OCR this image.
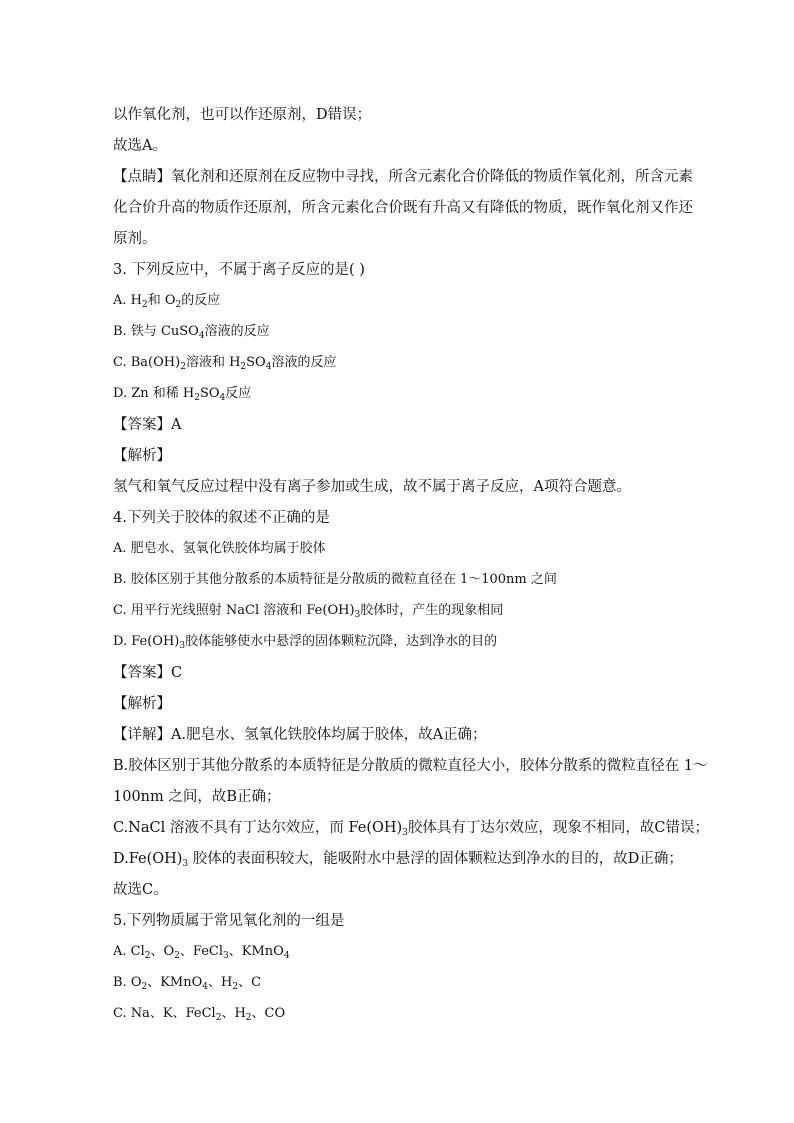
以作氧化剂，也可以作还原剂，D错误；
故选A。
【点睛】氧化剂和还原剂在反应物中寻找，所含元素化合价降低的物质作氧化剂，所含元素
化合价升高的物质作还原剂，所含元素化合价既有升高又有降低的物质，既作氧化剂又作还
原剂。
3. 下列反应中，不属于离子反应的是( )
A. $H_2$和 $O_2$的反应
B. 铁与 CuSO$_4$溶液的反应
C. $Ba(OH)_2$溶液和 $H_2SO_4$溶液的反应
D. Zn 和稀 $H_2SO_4$反应
【答案】A
【解析】
氢气和氧气反应过程中没有离子参加或生成，故不属于离子反应，A项符合题意。
4.下列关于胶体的叙述不正确的是
A. 肥皂水、氢氧化铁胶体均属于胶体
B. 胶体区别于其他分散系的本质特征是分散质的微粒直径在 1～100nm 之间
C. 用平行光线照射 NaCl 溶液和 $Fe(OH)_3$胶体时，产生的现象相同
D. $Fe(OH)_3$胶体能够使水中悬浮的固体颗粒沉降，达到净水的目的
【答案】C
【解析】
【详解】A.肥皂水、氢氧化铁胶体均属于胶体，故A正确；
B.胶体区别于其他分散系的本质特征是分散质的微粒直径大小，胶体分散系的微粒直径在 1～
100nm 之间，故B正确；
C.NaCl 溶液不具有丁达尔效应，而 $Fe(OH)_3$胶体具有丁达尔效应，现象不相同，故C错误；
$D.Fe(OH)_3$ 胶体的表面积较大，能吸附水中悬浮的固体颗粒达到净水的目的，故D正确；
故选C。
5.下列物质属于常见氧化剂的一组是
A. $Cl_2$、$O_2$、FeCl$_3$、KMnO$_4$
B. $O_2$、KMnO$_4$、$H_2$、C
C. Na、K、FeCl$_2$、$H_2$、CO
